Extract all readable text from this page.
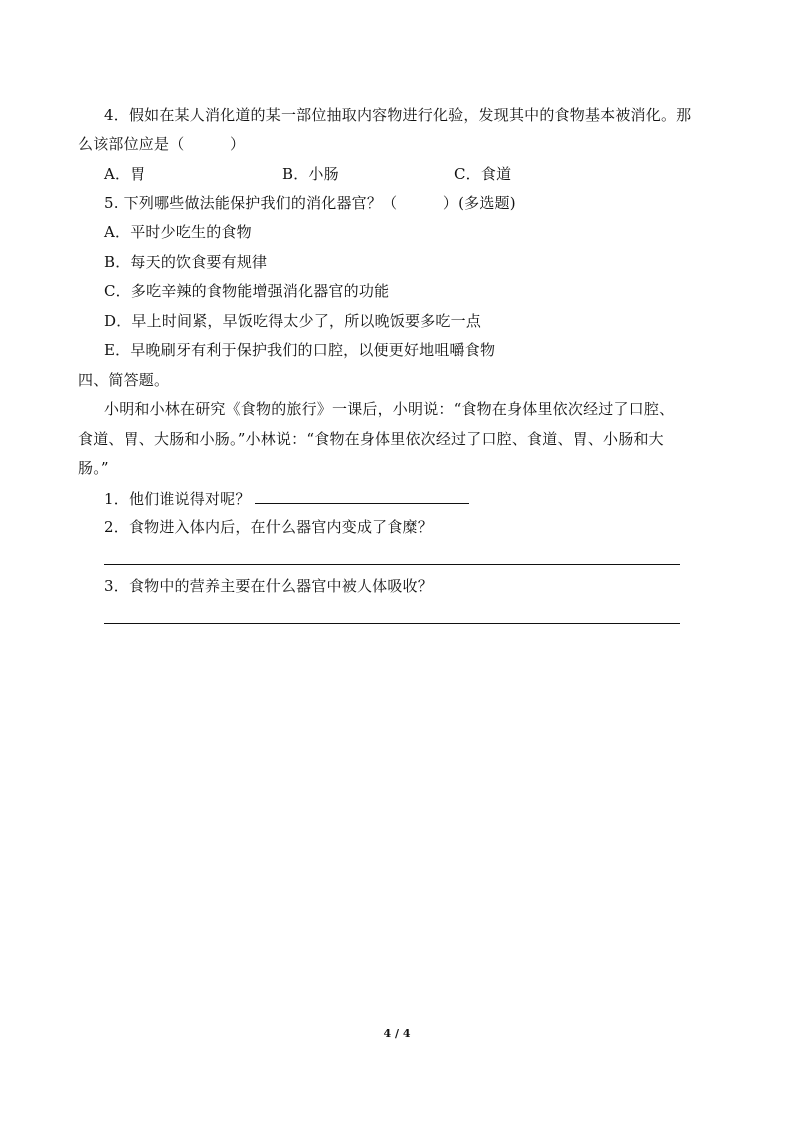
4．假如在某人消化道的某一部位抽取内容物进行化验，发现其中的食物基本被消化。那
么该部位应是（　　　）
A．胃	B．小肠	C．食道
5. 下列哪些做法能保护我们的消化器官？（　　　）(多选题)
A．平时少吃生的食物
B．每天的饮食要有规律
C．多吃辛辣的食物能增强消化器官的功能
D．早上时间紧，早饭吃得太少了，所以晚饭要多吃一点
E．早晚刷牙有利于保护我们的口腔，以便更好地咀嚼食物
四、简答题。
小明和小林在研究《食物的旅行》一课后，小明说：“食物在身体里依次经过了口腔、
食道、胃、大肠和小肠。”小林说：“食物在身体里依次经过了口腔、食道、胃、小肠和大
肠。”
1．他们谁说得对呢？
2．食物进入体内后，在什么器官内变成了食糜？
3．食物中的营养主要在什么器官中被人体吸收？
4 / 4
